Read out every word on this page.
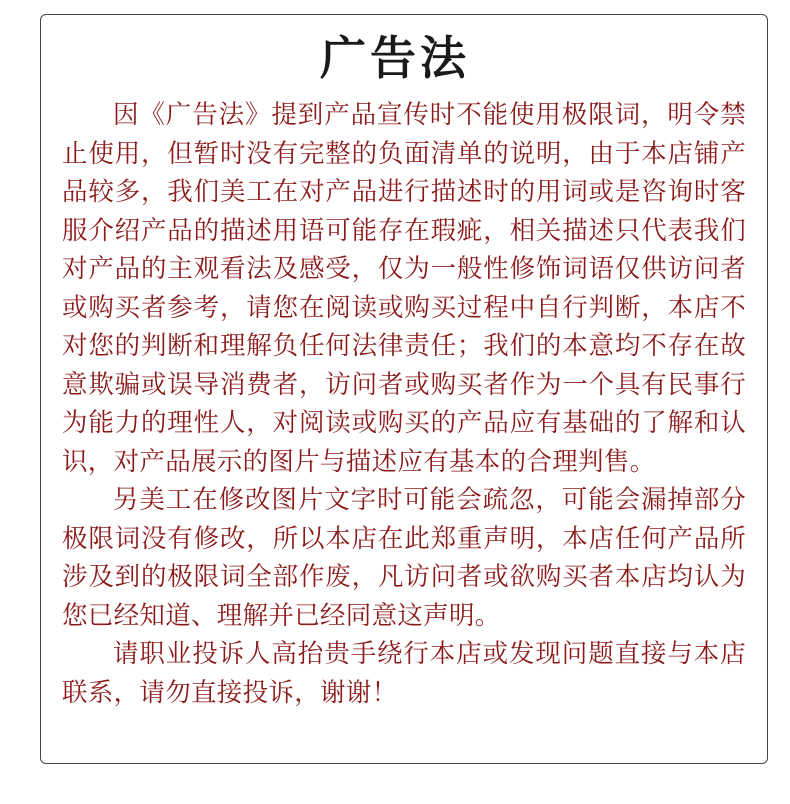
广告法

因《广告法》提到产品宣传时不能使用极限词，明令禁止使用，但暂时没有完整的负面清单的说明，由于本店铺产品较多，我们美工在对产品进行描述时的用词或是咨询时客服介绍产品的描述用语可能存在瑕疵，相关描述只代表我们对产品的主观看法及感受，仅为一般性修饰词语仅供访问者或购买者参考，请您在阅读或购买过程中自行判断，本店不对您的判断和理解负任何法律责任；我们的本意均不存在故意欺骗或误导消费者，访问者或购买者作为一个具有民事行为能力的理性人，对阅读或购买的产品应有基础的了解和认识，对产品展示的图片与描述应有基本的合理判售。

另美工在修改图片文字时可能会疏忽，可能会漏掉部分极限词没有修改，所以本店在此郑重声明，本店任何产品所涉及到的极限词全部作废，凡访问者或欲购买者本店均认为您已经知道、理解并已经同意这声明。

请职业投诉人高抬贵手绕行本店或发现问题直接与本店联系，请勿直接投诉，谢谢！
